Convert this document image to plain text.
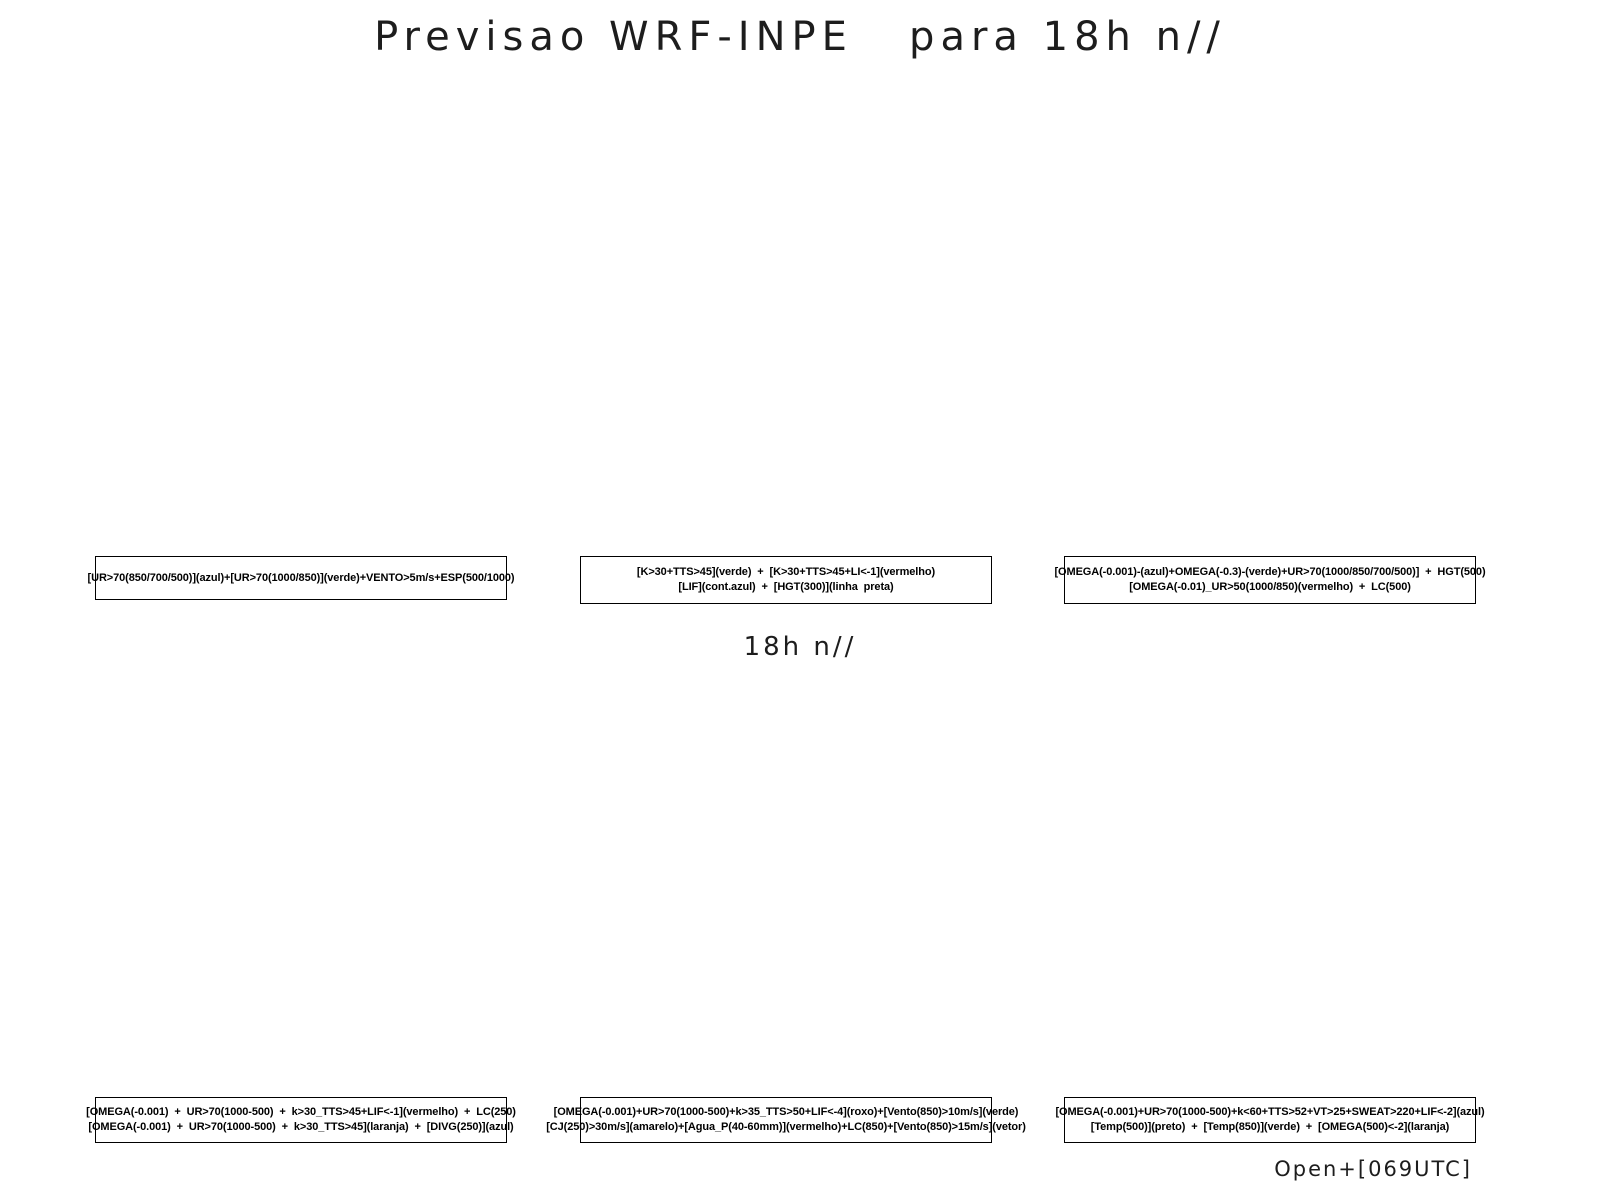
Previsao WRF-INPE   para 18h n//
[UR>70(850/700/500)](azul)+[UR>70(1000/850)](verde)+VENTO>5m/s+ESP(500/1000)	[K>30+TTS>45](verde)  +  [K>30+TTS>45+LI<-1](vermelho)
[LIF](cont.azul)  +  [HGT(300)](linha  preta)
[OMEGA(-0.001)-(azul)+OMEGA(-0.3)-(verde)+UR>70(1000/850/700/500)]  +  HGT(500)
[OMEGA(-0.01)_UR>50(1000/850)(vermelho)  +  LC(500)
18h n//
[OMEGA(-0.001)  +  UR>70(1000-500)  +  k>30_TTS>45+LIF<-1](vermelho)  +  LC(250)
[OMEGA(-0.001)  +  UR>70(1000-500)  +  k>30_TTS>45](laranja)  +  [DIVG(250)](azul)
[OMEGA(-0.001)+UR>70(1000-500)+k>35_TTS>50+LIF<-4](roxo)+[Vento(850)>10m/s](verde)
[CJ(250)>30m/s](amarelo)+[Agua_P(40-60mm)](vermelho)+LC(850)+[Vento(850)>15m/s](vetor)
[OMEGA(-0.001)+UR>70(1000-500)+k<60+TTS>52+VT>25+SWEAT>220+LIF<-2](azul)
[Temp(500)](preto)  +  [Temp(850)](verde)  +  [OMEGA(500)<-2](laranja)
Open+[069UTC]
